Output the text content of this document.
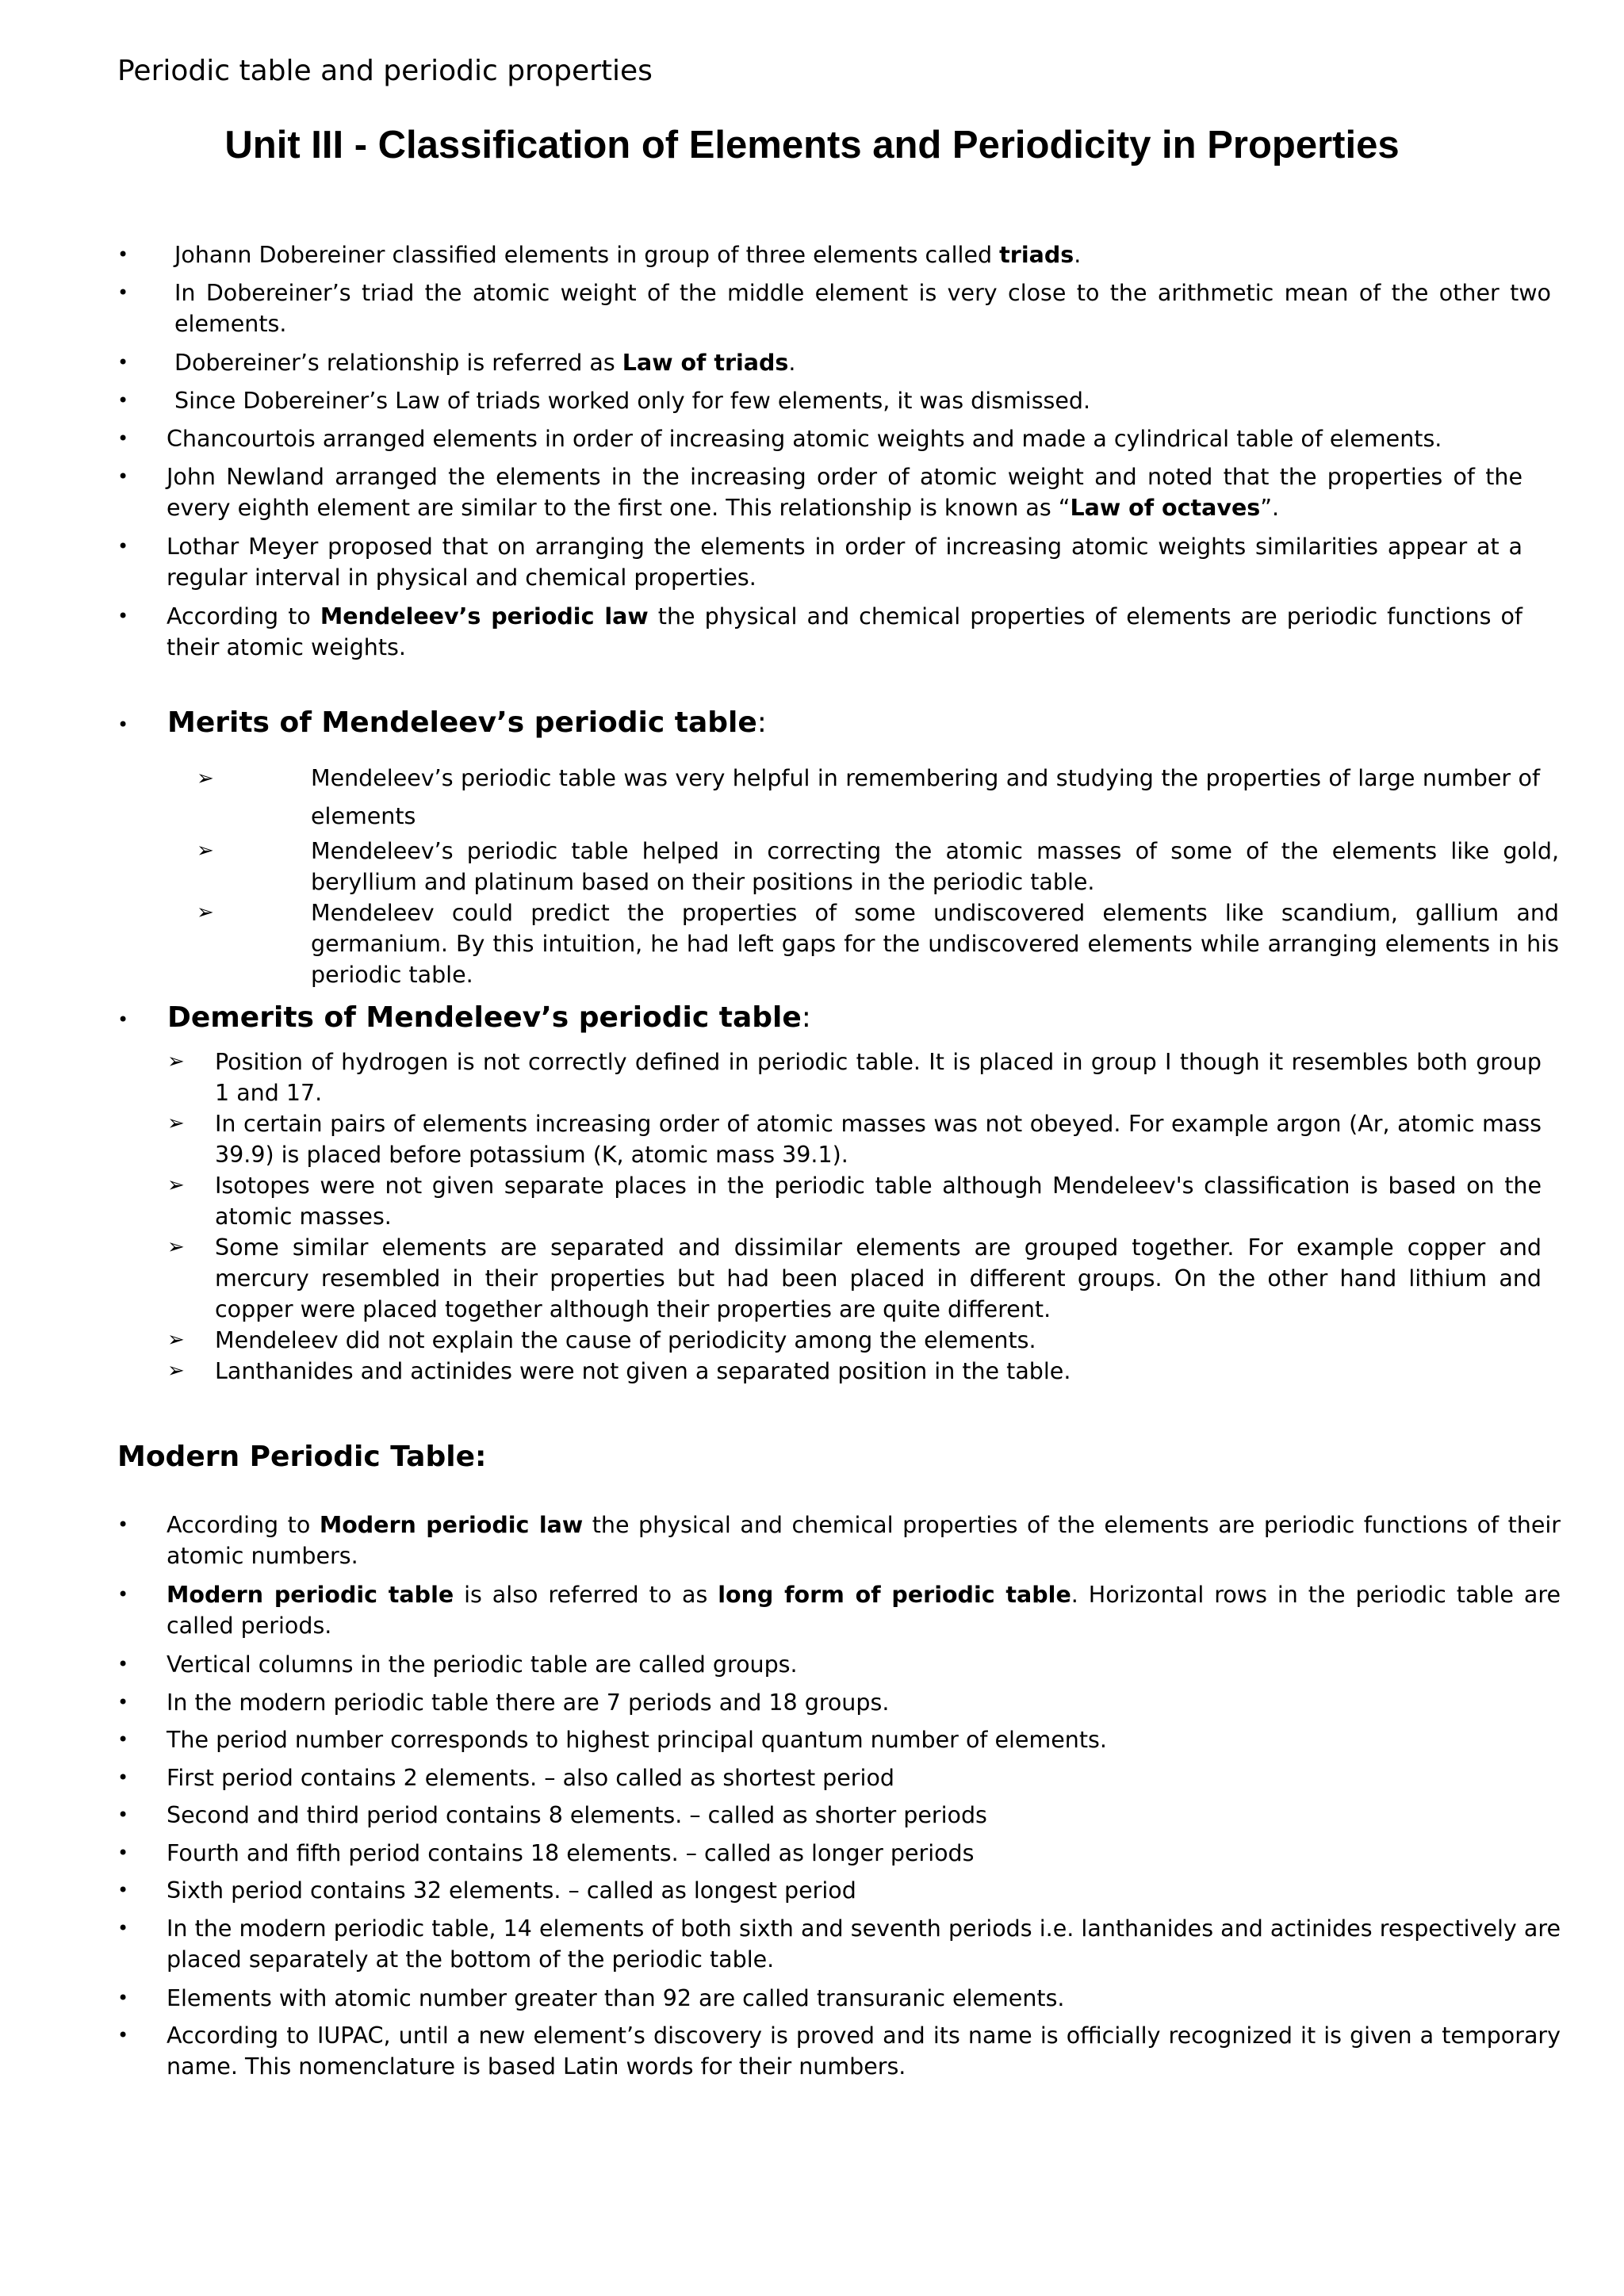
Periodic table and periodic properties
Unit III - Classification of Elements and Periodicity in Properties
• Johann Dobereiner classified elements in group of three elements called triads.
• In Dobereiner’s triad the atomic weight of the middle element is very close to the arithmetic mean of the other two elements.
• Dobereiner’s relationship is referred as Law of triads.
• Since Dobereiner’s Law of triads worked only for few elements, it was dismissed.
• Chancourtois arranged elements in order of increasing atomic weights and made a cylindrical table of elements.
• John Newland arranged the elements in the increasing order of atomic weight and noted that the properties of the every eighth element are similar to the first one. This relationship is known as “Law of octaves”.
• Lothar Meyer proposed that on arranging the elements in order of increasing atomic weights similarities appear at a regular interval in physical and chemical properties.
• According to Mendeleev’s periodic law the physical and chemical properties of elements are periodic functions of their atomic weights.
• Merits of Mendeleev’s periodic table:
➢	Mendeleev’s periodic table was very helpful in remembering and studying the properties of large number of elements
➢	Mendeleev’s periodic table helped in correcting the atomic masses of some of the elements like gold, beryllium and platinum based on their positions in the periodic table.
➢	Mendeleev could predict the properties of some undiscovered elements like scandium, gallium and germanium. By this intuition, he had left gaps for the undiscovered elements while arranging elements in his periodic table.
• Demerits of Mendeleev’s periodic table:
➢ Position of hydrogen is not correctly defined in periodic table. It is placed in group I though it resembles both group 1 and 17.
➢ In certain pairs of elements increasing order of atomic masses was not obeyed. For example argon (Ar, atomic mass 39.9) is placed before potassium (K, atomic mass 39.1).
➢ Isotopes were not given separate places in the periodic table although Mendeleev's classification is based on the atomic masses.
➢ Some similar elements are separated and dissimilar elements are grouped together. For example copper and mercury resembled in their properties but had been placed in different groups. On the other hand lithium and copper were placed together although their properties are quite different.
➢ Mendeleev did not explain the cause of periodicity among the elements.
➢ Lanthanides and actinides were not given a separated position in the table.
Modern Periodic Table:
• According to Modern periodic law the physical and chemical properties of the elements are periodic functions of their atomic numbers.
• Modern periodic table is also referred to as long form of periodic table. Horizontal rows in the periodic table are called periods.
• Vertical columns in the periodic table are called groups.
• In the modern periodic table there are 7 periods and 18 groups.
• The period number corresponds to highest principal quantum number of elements.
• First period contains 2 elements. – also called as shortest period
• Second and third period contains 8 elements. – called as shorter periods
• Fourth and fifth period contains 18 elements. – called as longer periods
• Sixth period contains 32 elements. – called as longest period
• In the modern periodic table, 14 elements of both sixth and seventh periods i.e. lanthanides and actinides respectively are placed separately at the bottom of the periodic table.
• Elements with atomic number greater than 92 are called transuranic elements.
• According to IUPAC, until a new element’s discovery is proved and its name is officially recognized it is given a temporary name. This nomenclature is based Latin words for their numbers.
